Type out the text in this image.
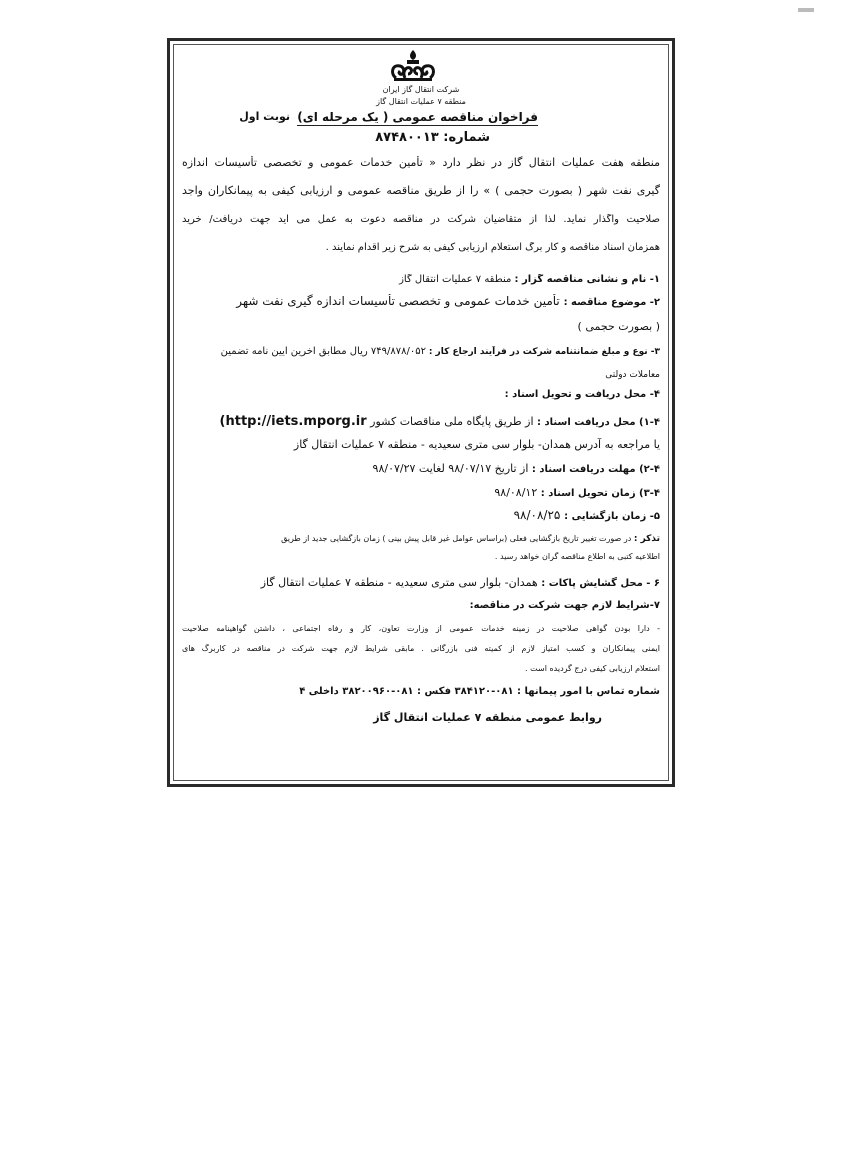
شرکت انتقال گاز ایران
منطقه ۷ عملیات انتقال گاز
فراخوان مناقصه عمومی ( یک مرحله ای)
نوبت اول
شماره: ۸۷۴۸۰۰۱۳
منطقه هفت عملیات انتقال گاز در نظر دارد « تأمین خدمات عمومی و تخصصی تأسیسات اندازه
گیری نفت شهر ( بصورت حجمی ) » را از طریق مناقصه عمومی و ارزیابی کیفی به پیمانکاران واجد
صلاحیت واگذار نماید. لذا از متقاضیان شرکت در مناقصه دعوت به عمل می آید جهت دریافت/ خرید
همزمان اسناد مناقصه و کار برگ استعلام ارزیابی کیفی به شرح زیر اقدام نمایند .
۱- نام و نشانی مناقصه گزار : منطقه ۷ عملیات انتقال گاز
۲- موضوع مناقصه : تأمین خدمات عمومی و تخصصی تأسیسات اندازه گیری نفت شهر
( بصورت حجمی )
۳- نوع و مبلغ ضمانتنامه شرکت در فرآیند ارجاع کار : ۷۴۹/۸۷۸/۰۵۲ ریال مطابق آخرین آیین نامه تضمین
معاملات دولتی
۴- محل دریافت و تحویل اسناد :
۱-۴) محل دریافت اسناد : از طریق پایگاه ملی مناقصات کشور (http://iets.mporg.ir
یا مراجعه به آدرس همدان- بلوار سی متری سعیدیه - منطقه ۷ عملیات انتقال گاز
۲-۴) مهلت دریافت اسناد : از تاریخ ۹۸/۰۷/۱۷ لغایت ۹۸/۰۷/۲۷
۳-۴) زمان تحویل اسناد : ۹۸/۰۸/۱۲
۵- زمان بازگشایی : ۹۸/۰۸/۲۵
تذکر : در صورت تغییر تاریخ بازگشایی فعلی (براساس عوامل غیر قابل پیش بینی ) زمان بازگشایی جدید از طریق
اطلاعیه کتبی به اطلاع مناقصه گران خواهد رسید .
۶ - محل گشایش پاکات : همدان- بلوار سی متری سعیدیه - منطقه ۷ عملیات انتقال گاز
۷-شرایط لازم جهت شرکت در مناقصه:
- دارا بودن گواهی صلاحیت در زمینه خدمات عمومی از وزارت تعاون، کار و رفاه اجتماعی ، داشتن گواهینامه صلاحیت
ایمنی پیمانکاران و کسب امتیاز لازم از کمیته فنی بازرگانی . مابقی شرایط لازم جهت شرکت در مناقصه در کاربرگ های
استعلام ارزیابی کیفی درج گردیده است .
شماره تماس با امور پیمانها : ۰۸۱-۳۸۴۱۲۰ فکس : ۰۸۱-۳۸۲۰۰۹۶۰ داخلی ۴
روابط عمومی منطقه ۷ عملیات انتقال گاز
